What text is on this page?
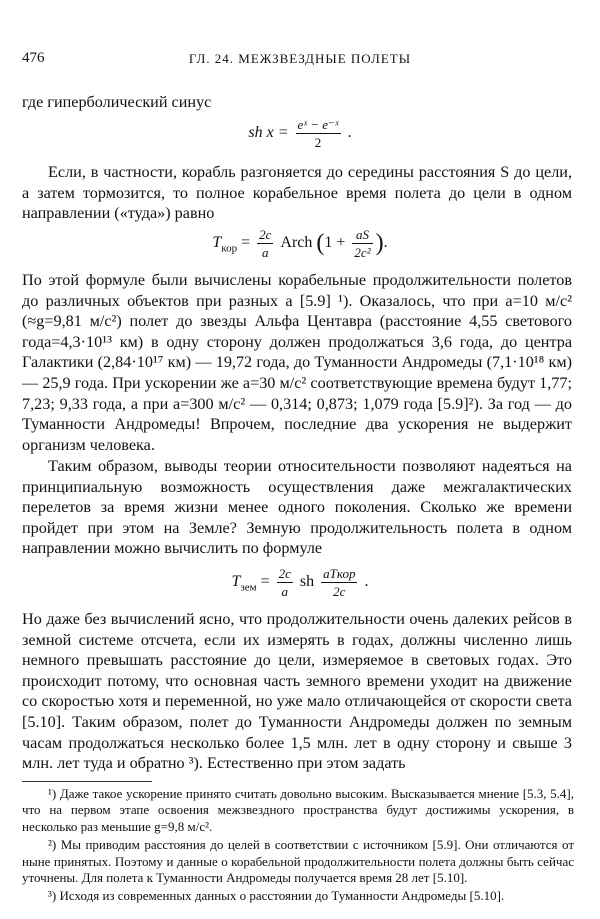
476	ГЛ. 24. МЕЖЗВЕЗДНЫЕ ПОЛЕТЫ

где гиперболический синус

sh $x = \frac{\text{eˣ − e⁻ˣ}}{2}$ .

Если, в частности, корабль разгоняется до середины расстояния S до цели, а затем тормозится, то полное корабельное время полета до цели в одном направлении («туда») равно

$T_{кор} = \frac{2c}{a}$ Arch ($1 + \frac{aS}{\text{2c²}}$ ).

По этой формуле были вычислены корабельные продолжительности полетов до различных объектов при разных a [5.9] ¹). Оказалось, что при a=10 м/с² (≈g=9,81 м/с²) полет до звезды Альфа Центавра (расстояние 4,55 светового года=4,3·10¹³ км) в одну сторону должен продолжаться 3,6 года, до центра Галактики (2,84·10¹⁷ км) — 19,72 года, до Туманности Андромеды (7,1·10¹⁸ км) — 25,9 года. При ускорении же a=30 м/с² соответствующие времена будут 1,77; 7,23; 9,33 года, а при a=300 м/с² — 0,314; 0,873; 1,079 года [5.9]²). За год — до Туманности Андромеды! Впрочем, последние два ускорения не выдержит организм человека.

Таким образом, выводы теории относительности позволяют надеяться на принципиальную возможность осуществления даже межгалактических перелетов за время жизни менее одного поколения. Сколько же времени пройдет при этом на Земле? Земную продолжительность полета в одном направлении можно вычислить по формуле

$T_{зем} = \frac{2c}{a}$ sh $\frac{\text{aTкор}}{2c}$ .

Но даже без вычислений ясно, что продолжительности очень далеких рейсов в земной системе отсчета, если их измерять в годах, должны численно лишь немного превышать расстояние до цели, измеряемое в световых годах. Это происходит потому, что основная часть земного времени уходит на движение со скоростью хотя и переменной, но уже мало отличающейся от скорости света [5.10]. Таким образом, полет до Туманности Андромеды должен по земным часам продолжаться несколько более 1,5 млн. лет в одну сторону и свыше 3 млн. лет туда и обратно ³). Естественно при этом задать

¹) Даже такое ускорение принято считать довольно высоким. Высказывается мнение [5.3, 5.4], что на первом этапе освоения межзвездного пространства будут достижимы ускорения, в несколько раз меньшие g=9,8 м/с².

²) Мы приводим расстояния до целей в соответствии с источником [5.9]. Они отличаются от ныне принятых. Поэтому и данные о корабельной продолжительности полета должны быть сейчас уточнены. Для полета к Туманности Андромеды получается время 28 лет [5.10].

³) Исходя из современных данных о расстоянии до Туманности Андромеды [5.10].
